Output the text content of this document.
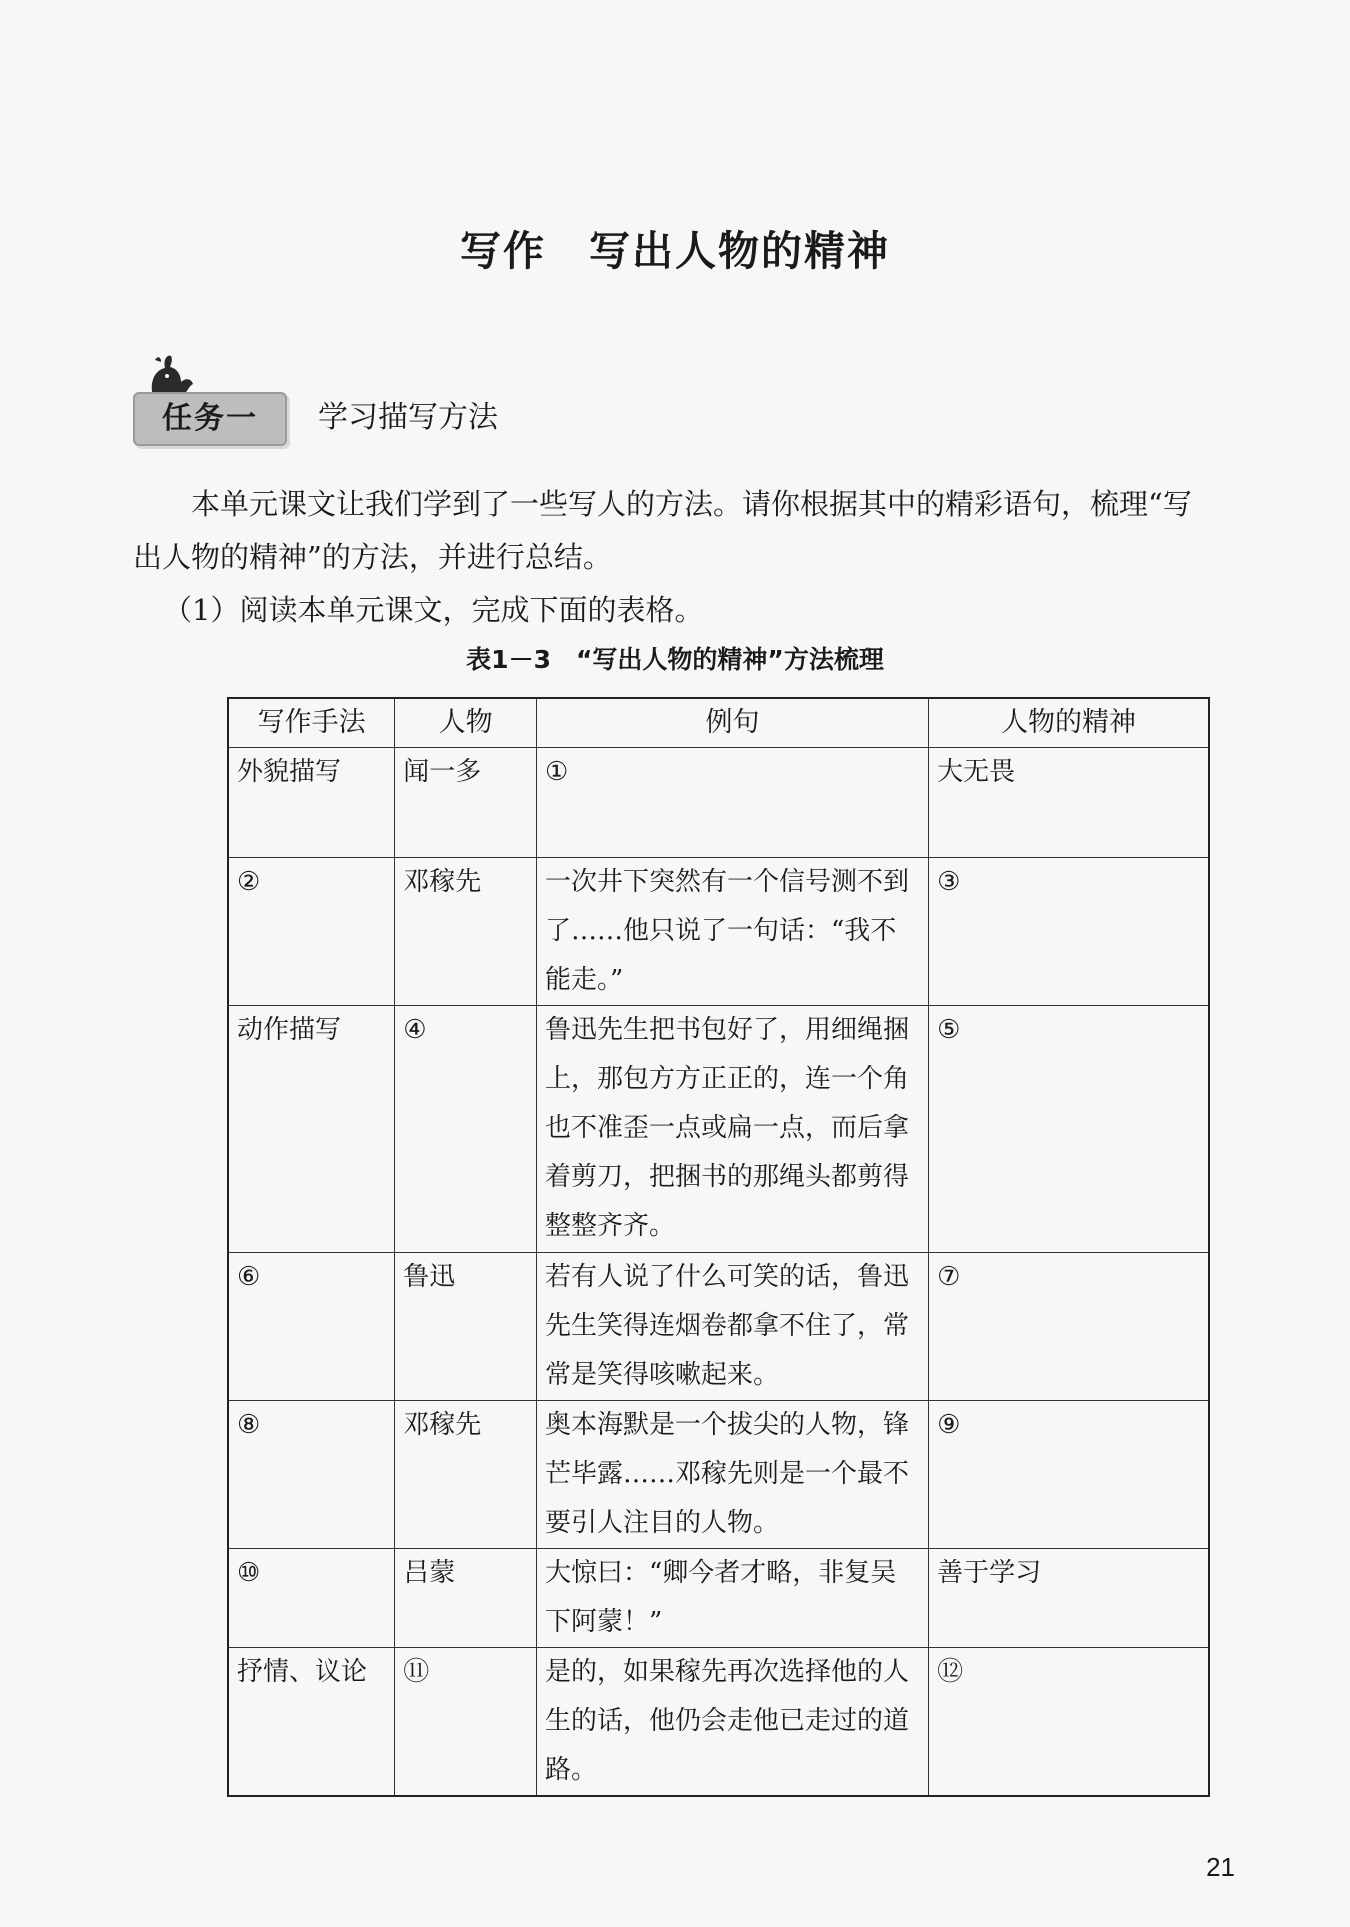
写作　写出人物的精神
任务一	学习描写方法

本单元课文让我们学到了一些写人的方法。请你根据其中的精彩语句，梳理“写出人物的精神”的方法，并进行总结。

（1）阅读本单元课文，完成下面的表格。

表1－3　“写出人物的精神”方法梳理
写作手法	人物	例句	人物的精神
外貌描写	闻一多	①	大无畏
②	邓稼先	一次井下突然有一个信号测不到了……他只说了一句话：“我不能走。”	③
动作描写	④	鲁迅先生把书包好了，用细绳捆上，那包方方正正的，连一个角也不准歪一点或扁一点，而后拿着剪刀，把捆书的那绳头都剪得整整齐齐。	⑤
⑥	鲁迅	若有人说了什么可笑的话，鲁迅先生笑得连烟卷都拿不住了，常常是笑得咳嗽起来。	⑦
⑧	邓稼先	奥本海默是一个拔尖的人物，锋芒毕露……邓稼先则是一个最不要引人注目的人物。	⑨
⑩	吕蒙	大惊曰：“卿今者才略，非复吴下阿蒙！”	善于学习
抒情、议论	⑪	是的，如果稼先再次选择他的人生的话，他仍会走他已走过的道路。	⑫
21
